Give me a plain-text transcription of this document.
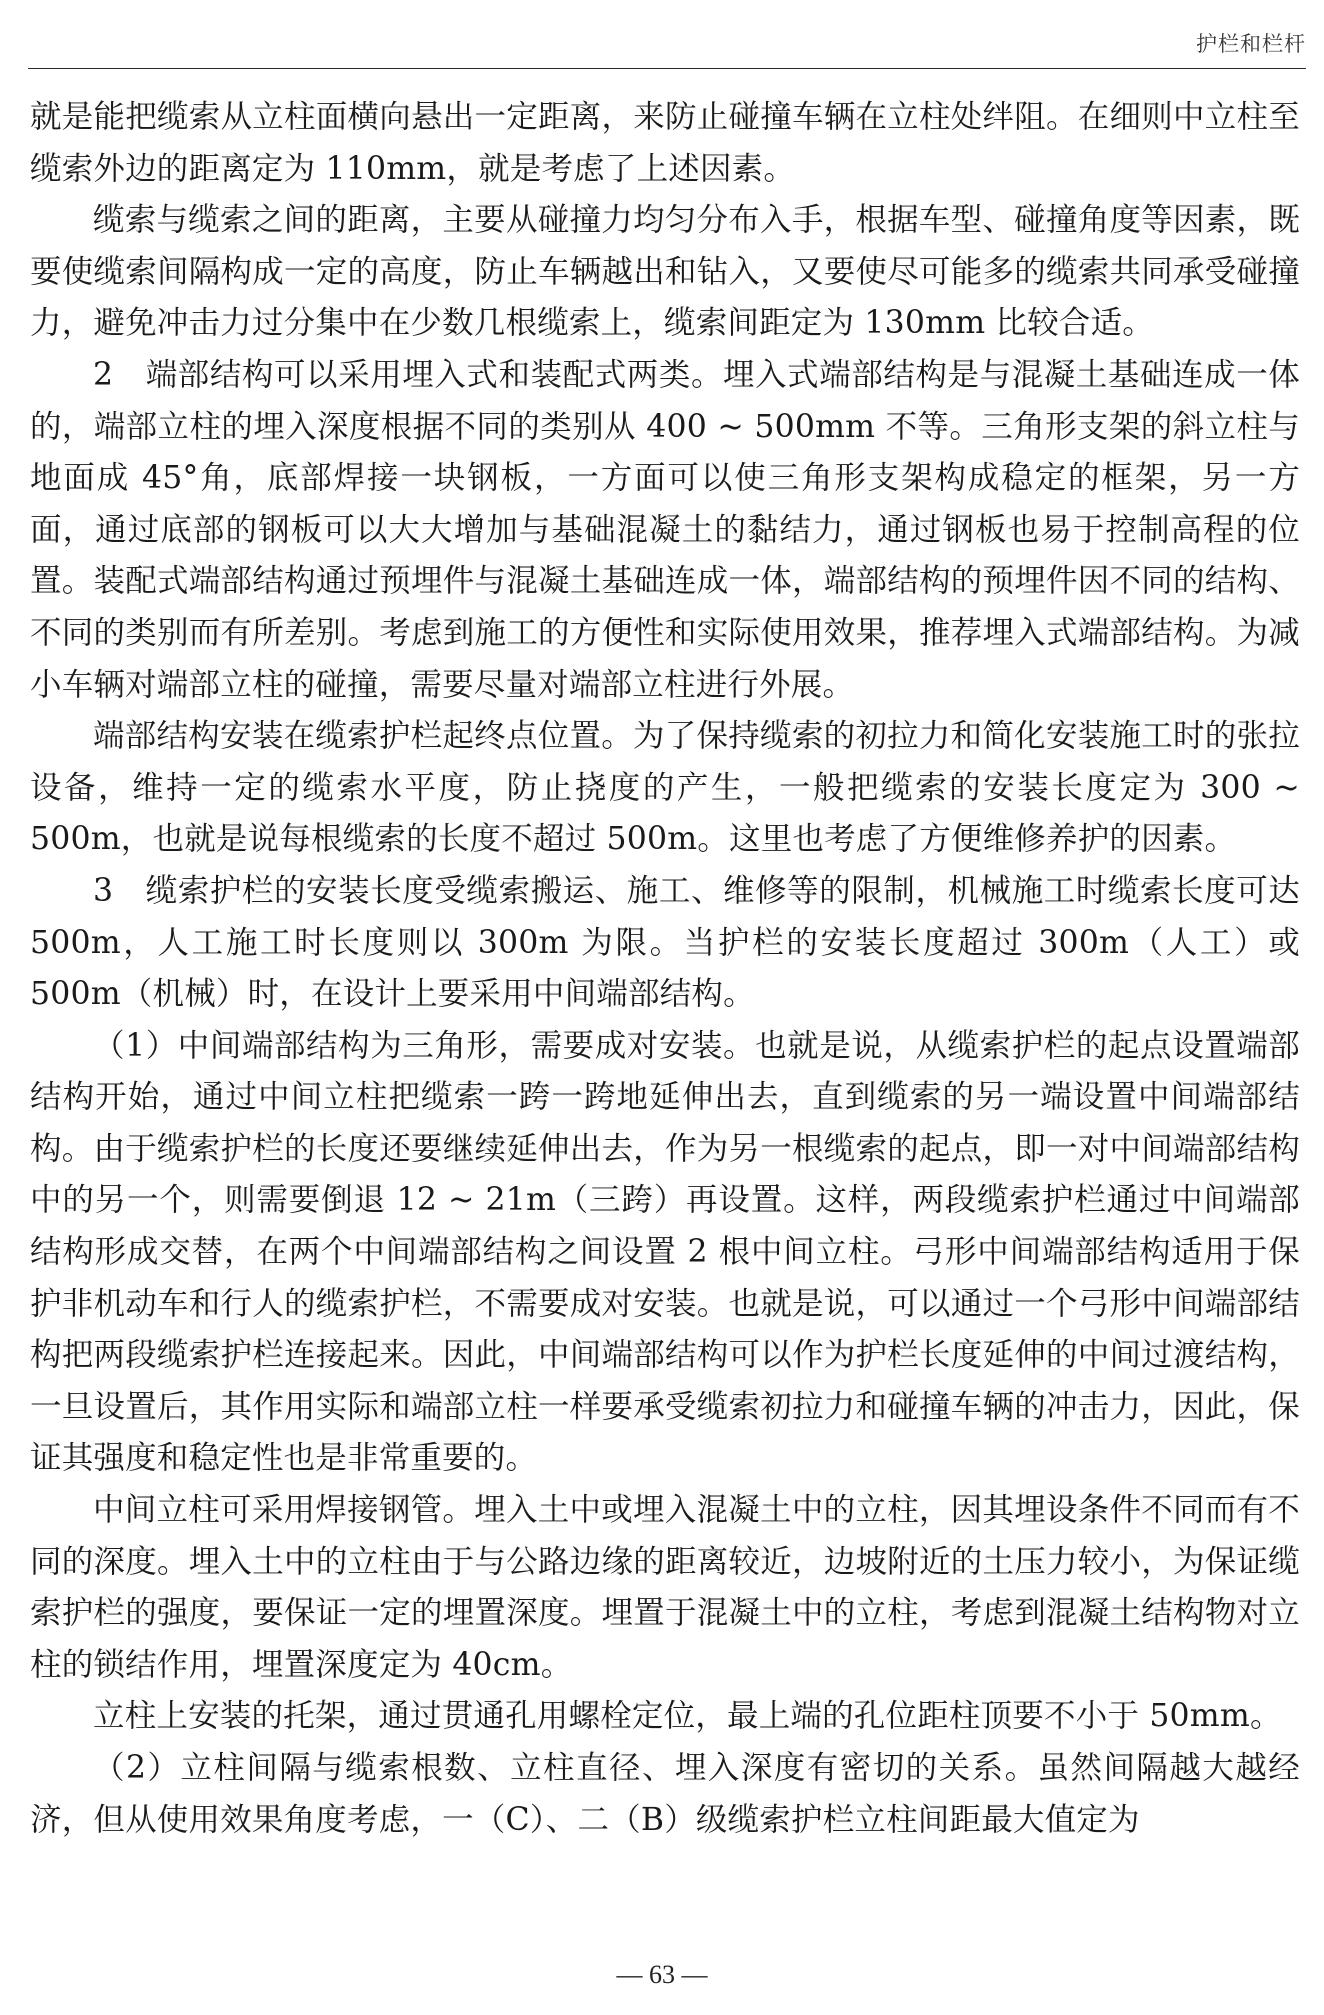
护栏和栏杆

就是能把缆索从立柱面横向悬出一定距离，来防止碰撞车辆在立柱处绊阻。在细则中立柱至缆索外边的距离定为 110mm，就是考虑了上述因素。

缆索与缆索之间的距离，主要从碰撞力均匀分布入手，根据车型、碰撞角度等因素，既要使缆索间隔构成一定的高度，防止车辆越出和钻入，又要使尽可能多的缆索共同承受碰撞力，避免冲击力过分集中在少数几根缆索上，缆索间距定为 130mm 比较合适。

2　端部结构可以采用埋入式和装配式两类。埋入式端部结构是与混凝土基础连成一体的，端部立柱的埋入深度根据不同的类别从 400 ~ 500mm 不等。三角形支架的斜立柱与地面成 45°角，底部焊接一块钢板，一方面可以使三角形支架构成稳定的框架，另一方面，通过底部的钢板可以大大增加与基础混凝土的黏结力，通过钢板也易于控制高程的位置。装配式端部结构通过预埋件与混凝土基础连成一体，端部结构的预埋件因不同的结构、不同的类别而有所差别。考虑到施工的方便性和实际使用效果，推荐埋入式端部结构。为减小车辆对端部立柱的碰撞，需要尽量对端部立柱进行外展。

端部结构安装在缆索护栏起终点位置。为了保持缆索的初拉力和简化安装施工时的张拉设备，维持一定的缆索水平度，防止挠度的产生，一般把缆索的安装长度定为 300 ~ 500m，也就是说每根缆索的长度不超过 500m。这里也考虑了方便维修养护的因素。

3　缆索护栏的安装长度受缆索搬运、施工、维修等的限制，机械施工时缆索长度可达 500m，人工施工时长度则以 300m 为限。当护栏的安装长度超过 300m（人工）或 500m（机械）时，在设计上要采用中间端部结构。

（1）中间端部结构为三角形，需要成对安装。也就是说，从缆索护栏的起点设置端部结构开始，通过中间立柱把缆索一跨一跨地延伸出去，直到缆索的另一端设置中间端部结构。由于缆索护栏的长度还要继续延伸出去，作为另一根缆索的起点，即一对中间端部结构中的另一个，则需要倒退 12 ~ 21m（三跨）再设置。这样，两段缆索护栏通过中间端部结构形成交替，在两个中间端部结构之间设置 2 根中间立柱。弓形中间端部结构适用于保护非机动车和行人的缆索护栏，不需要成对安装。也就是说，可以通过一个弓形中间端部结构把两段缆索护栏连接起来。因此，中间端部结构可以作为护栏长度延伸的中间过渡结构，一旦设置后，其作用实际和端部立柱一样要承受缆索初拉力和碰撞车辆的冲击力，因此，保证其强度和稳定性也是非常重要的。

中间立柱可采用焊接钢管。埋入土中或埋入混凝土中的立柱，因其埋设条件不同而有不同的深度。埋入土中的立柱由于与公路边缘的距离较近，边坡附近的土压力较小，为保证缆索护栏的强度，要保证一定的埋置深度。埋置于混凝土中的立柱，考虑到混凝土结构物对立柱的锁结作用，埋置深度定为 40cm。

立柱上安装的托架，通过贯通孔用螺栓定位，最上端的孔位距柱顶要不小于 50mm。

（2）立柱间隔与缆索根数、立柱直径、埋入深度有密切的关系。虽然间隔越大越经济，但从使用效果角度考虑，一（C）、二（B）级缆索护栏立柱间距最大值定为

— 63 —
